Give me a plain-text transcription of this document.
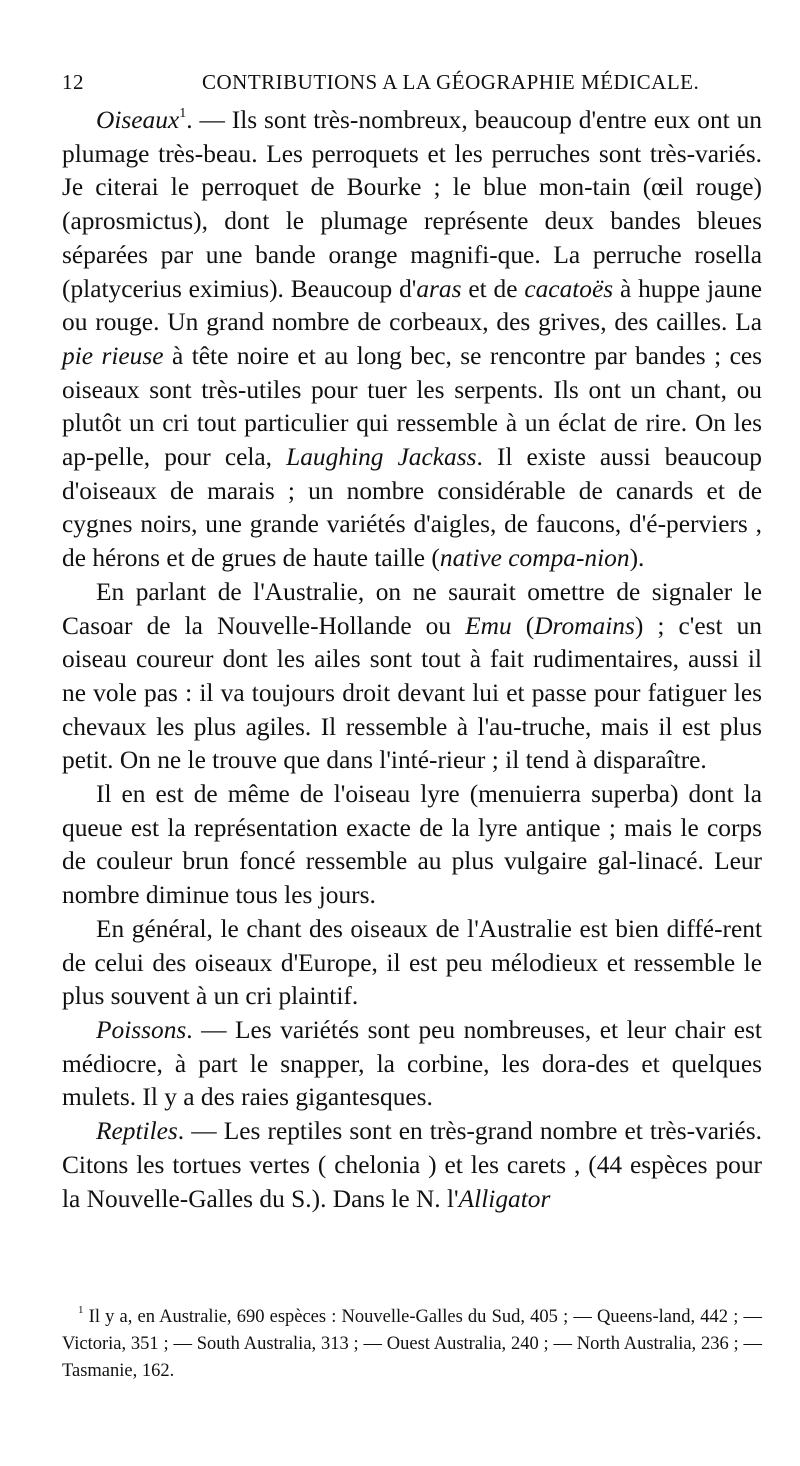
12	CONTRIBUTIONS A LA GÉOGRAPHIE MÉDICALE.

Oiseaux$^1$. — Ils sont très-nombreux, beaucoup d'entre eux ont un plumage très-beau. Les perroquets et les perruches sont très-variés. Je citerai le perroquet de Bourke ; le blue mon-tain (œil rouge) (aprosmictus), dont le plumage représente deux bandes bleues séparées par une bande orange magnifi-que. La perruche rosella (platycerius eximius). Beaucoup d'aras et de cacatoës à huppe jaune ou rouge. Un grand nombre de corbeaux, des grives, des cailles. La pie rieuse à tête noire et au long bec, se rencontre par bandes ; ces oiseaux sont très-utiles pour tuer les serpents. Ils ont un chant, ou plutôt un cri tout particulier qui ressemble à un éclat de rire. On les ap-pelle, pour cela, Laughing Jackass. Il existe aussi beaucoup d'oiseaux de marais ; un nombre considérable de canards et de cygnes noirs, une grande variétés d'aigles, de faucons, d'é-perviers , de hérons et de grues de haute taille (native compa-nion).

En parlant de l'Australie, on ne saurait omettre de signaler le Casoar de la Nouvelle-Hollande ou Emu (Dromains) ; c'est un oiseau coureur dont les ailes sont tout à fait rudimentaires, aussi il ne vole pas : il va toujours droit devant lui et passe pour fatiguer les chevaux les plus agiles. Il ressemble à l'au-truche, mais il est plus petit. On ne le trouve que dans l'inté-rieur ; il tend à disparaître.

Il en est de même de l'oiseau lyre (menuierra superba) dont la queue est la représentation exacte de la lyre antique ; mais le corps de couleur brun foncé ressemble au plus vulgaire gal-linacé. Leur nombre diminue tous les jours.

En général, le chant des oiseaux de l'Australie est bien diffé-rent de celui des oiseaux d'Europe, il est peu mélodieux et ressemble le plus souvent à un cri plaintif.

Poissons. — Les variétés sont peu nombreuses, et leur chair est médiocre, à part le snapper, la corbine, les dora-des et quelques mulets. Il y a des raies gigantesques.

Reptiles. — Les reptiles sont en très-grand nombre et très-variés. Citons les tortues vertes ( chelonia ) et les carets , (44 espèces pour la Nouvelle-Galles du S.). Dans le N. l'Alligator

$^1$ Il y a, en Australie, 690 espèces : Nouvelle-Galles du Sud, 405 ; — Queens-land, 442 ; — Victoria, 351 ; — South Australia, 313 ; — Ouest Australia, 240 ; — North Australia, 236 ; — Tasmanie, 162.
